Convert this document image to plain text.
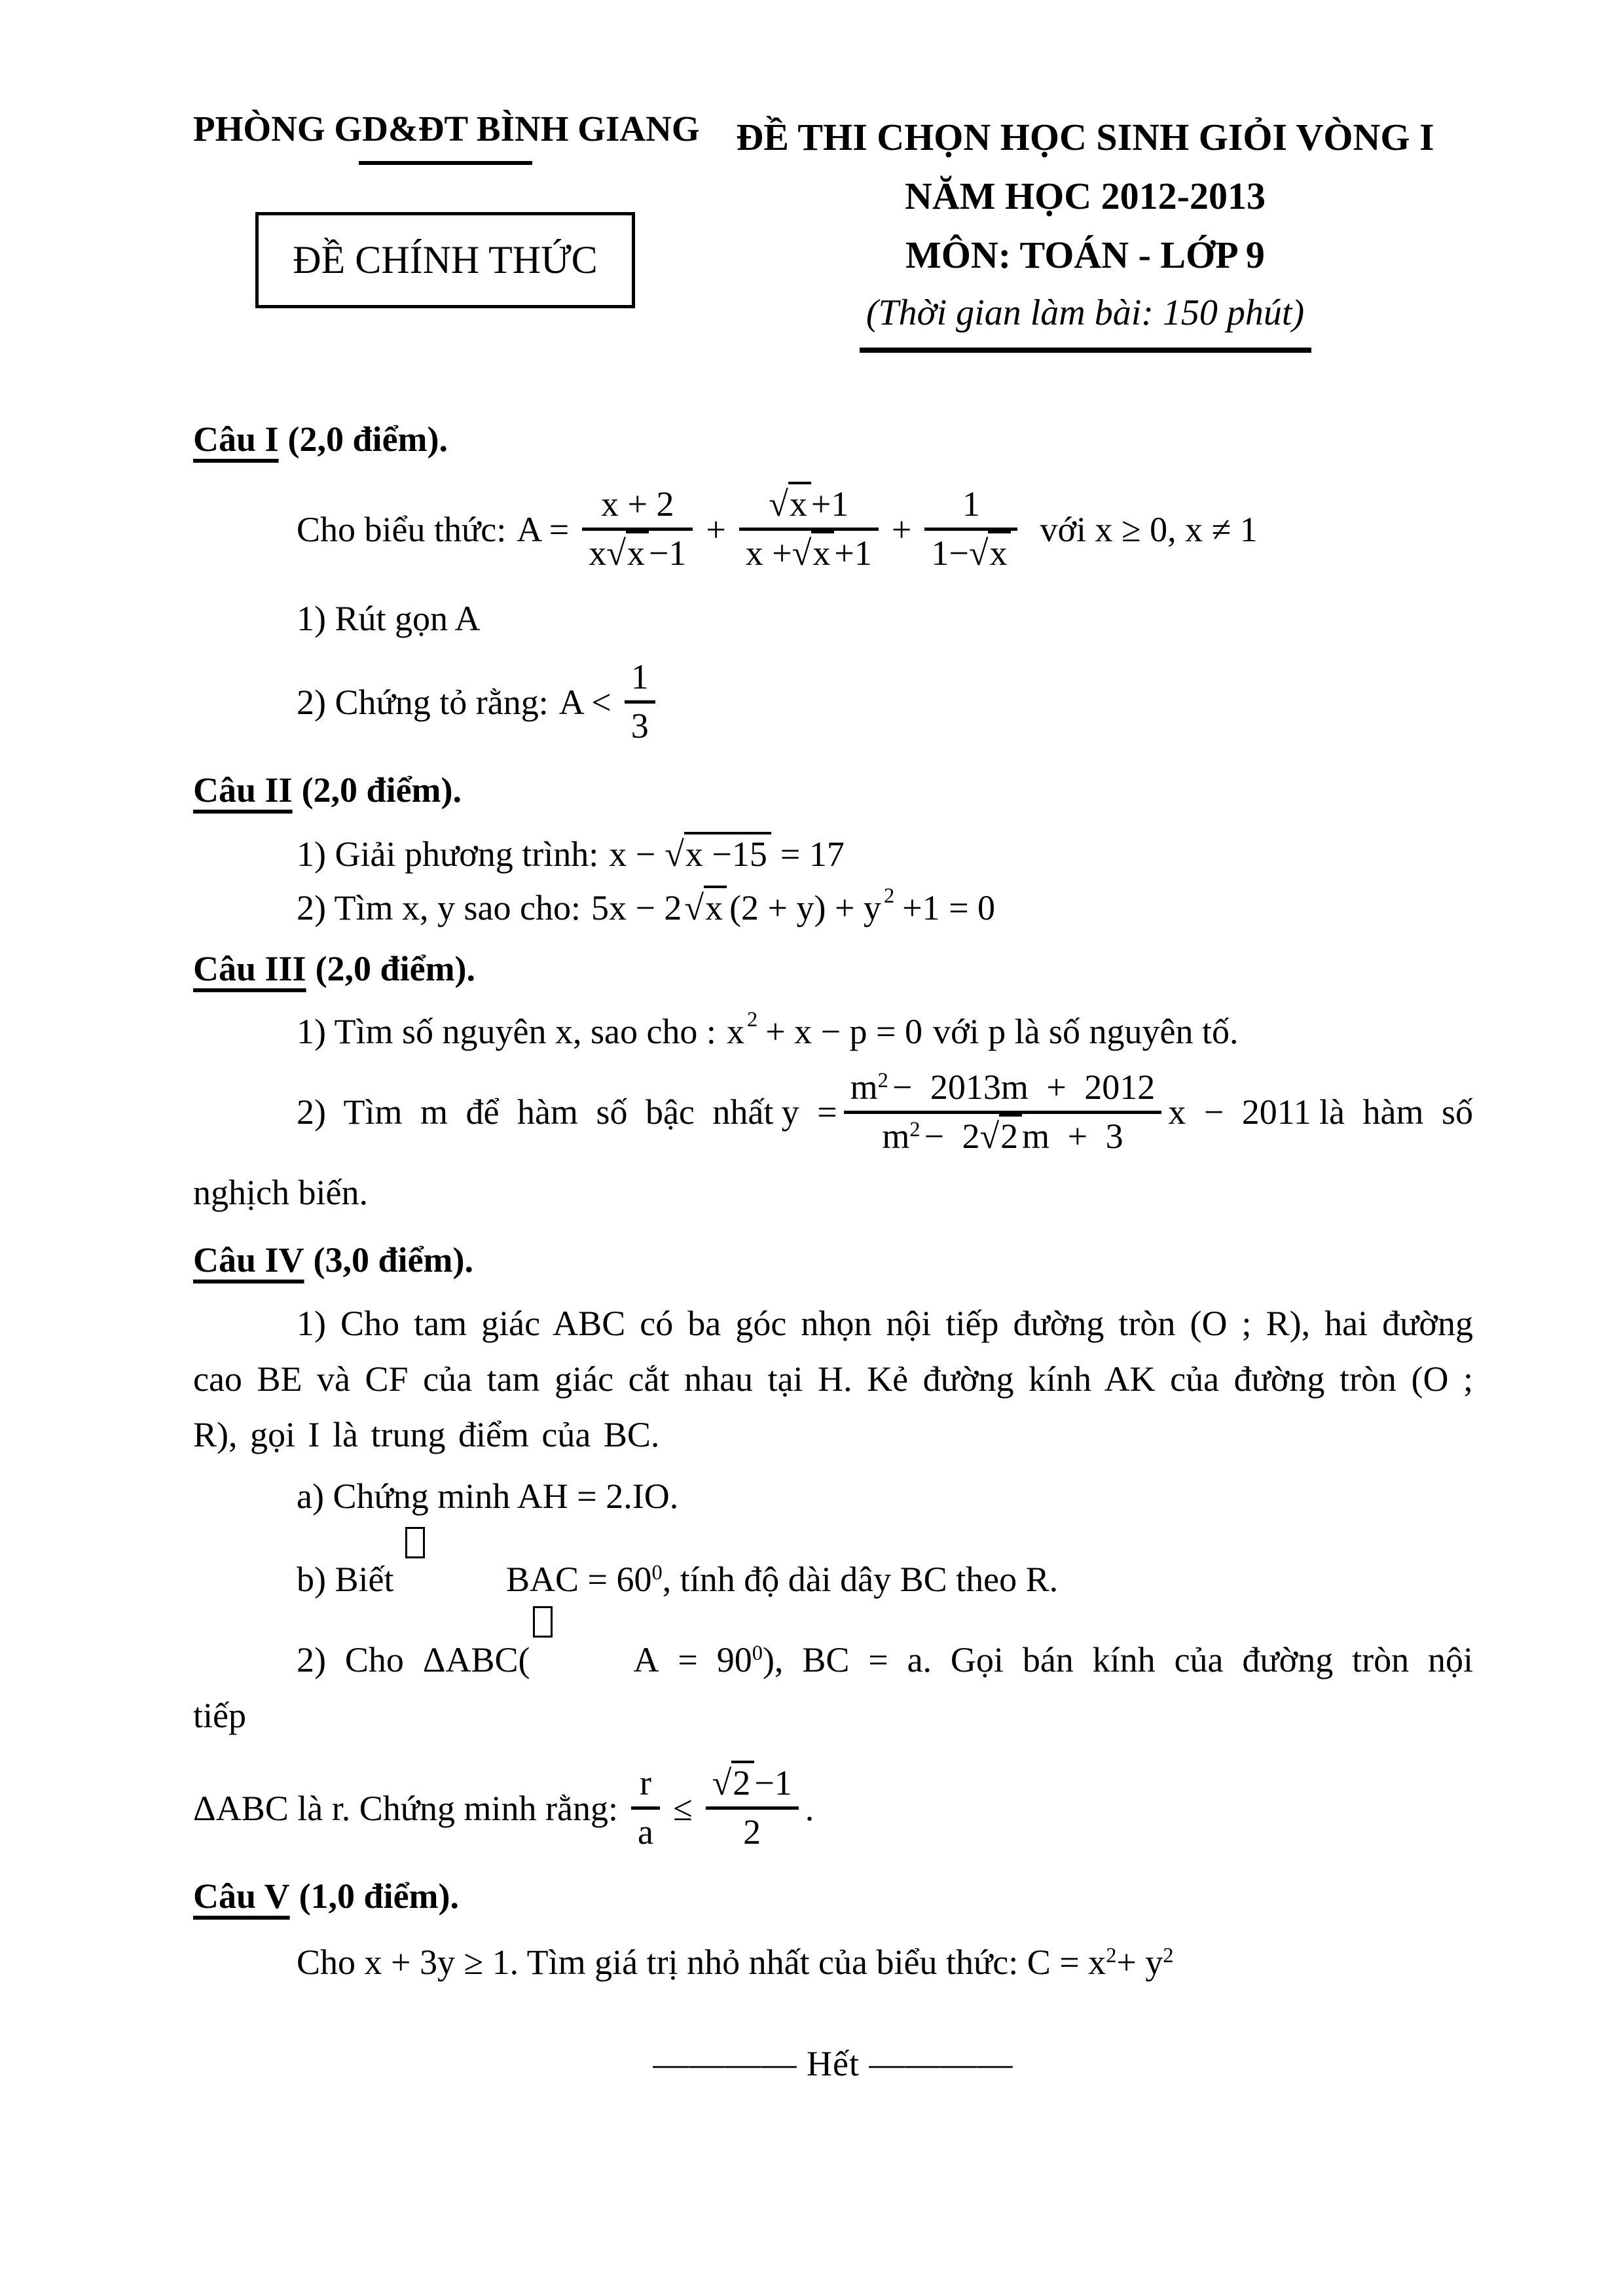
PHÒNG GD&ĐT BÌNH GIANG
ĐỀ CHÍNH THỨC
ĐỀ THI CHỌN HỌC SINH GIỎI VÒNG I
NĂM HỌC 2012-2013
MÔN: TOÁN - LỚP 9
(Thời gian làm bài: 150 phút)
Câu I (2,0 điểm).
Cho biểu thức: A =
x + 2
x√x −1
+
√x +1
x +√x +1
+
1
1−√x
với x ≥ 0, x ≠ 1
1) Rút gọn A
2) Chứng tỏ rằng: A <
1
3
Câu II (2,0 điểm).
1) Giải phương trình: x − √x −15 = 17
2) Tìm x, y sao cho: 5x − 2 √x (2 + y) + y 2 +1 = 0
Câu III (2,0 điểm).
1) Tìm số nguyên x, sao cho : x 2 + x − p = 0 với p là số nguyên tố.
2) Tìm m để hàm số bậc nhất y =
$m^2 - 2013m + 2012$
$m^2 - 2√2$ m + 3
x − 2011 là hàm số
nghịch biến.
Câu IV (3,0 điểm).
1) Cho tam giác ABC có ba góc nhọn nội tiếp đường tròn (O ; R), hai đường cao BE và CF của tam giác cắt nhau tại H. Kẻ đường kính AK của đường tròn (O ; R), gọi I là trung điểm của BC.
a) Chứng minh AH = 2.IO.
b) Biết	BAC = $60^0$, tính độ dài dây BC theo R.
2) Cho ΔABC(	$A = 90^0$), BC = a. Gọi bán kính của đường tròn nội tiếp
ΔABC là r. Chứng minh rằng:
r
a
≤
√2 −1
2
.
Câu V (1,0 điểm).
Cho x + 3y ≥ 1. Tìm giá trị nhỏ nhất của biểu thức: $C = x^2+ y^2$
———— Hết ————
